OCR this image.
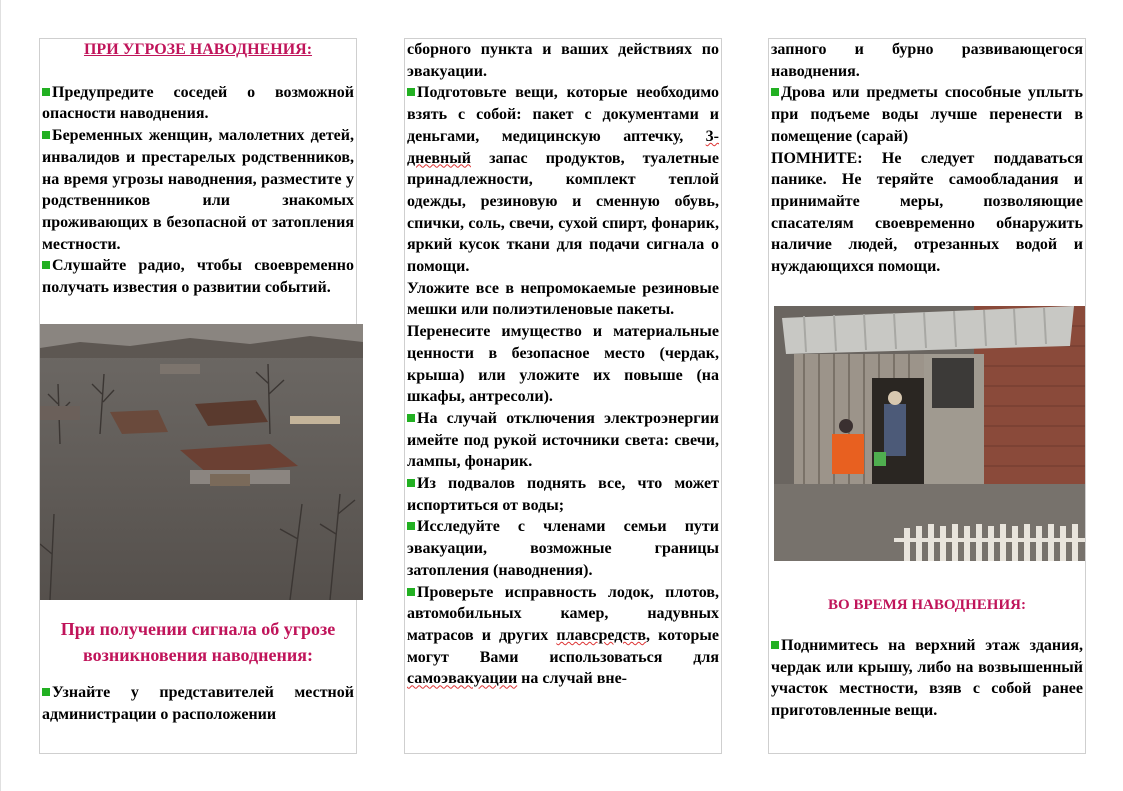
ПРИ УГРОЗЕ НАВОДНЕНИЯ:

Предупредите соседей о возможной опасности наводнения.

Беременных женщин, малолетних детей, инвалидов и престарелых родственников, на время угрозы наводнения, разместите у родственников или знакомых проживающих в безопасной от затопления местности.

Слушайте радио, чтобы своевременно получать известия о развитии событий.

При получении сигнала об угрозе возникновения наводнения:

Узнайте у представителей местной администрации о расположении

сборного пункта и ваших действиях по эвакуации.

Подготовьте вещи, которые необходимо взять с собой: пакет с документами и деньгами, медицинскую аптечку, 3-дневный запас продуктов, туалетные принадлежности, комплект теплой одежды, резиновую и сменную обувь, спички, соль, свечи, сухой спирт, фонарик, яркий кусок ткани для подачи сигнала о помощи.

Уложите все в непромокаемые резиновые мешки или полиэтиленовые пакеты.

Перенесите имущество и материальные ценности в безопасное место (чердак, крыша) или уложите их повыше (на шкафы, антресоли).

На случай отключения электроэнергии имейте под рукой источники света: свечи, лампы, фонарик.

Из подвалов поднять все, что может испортиться от воды;

Исследуйте с членами семьи пути эвакуации, возможные границы затопления (наводнения).

Проверьте исправность лодок, плотов, автомобильных камер, надувных матрасов и других плавсредств, которые могут Вами использоваться для самоэвакуации на случай вне-

запного и бурно развивающегося наводнения.

Дрова или предметы способные уплыть при подъеме воды лучше перенести в помещение (сарай)

ПОМНИТЕ: Не следует поддаваться панике. Не теряйте самообладания и принимайте меры, позволяющие спасателям своевременно обнаружить наличие людей, отрезанных водой и нуждающихся помощи.

ВО ВРЕМЯ НАВОДНЕНИЯ:

Поднимитесь на верхний этаж здания, чердак или крышу, либо на возвышенный участок местности, взяв с собой ранее приготовленные вещи.
